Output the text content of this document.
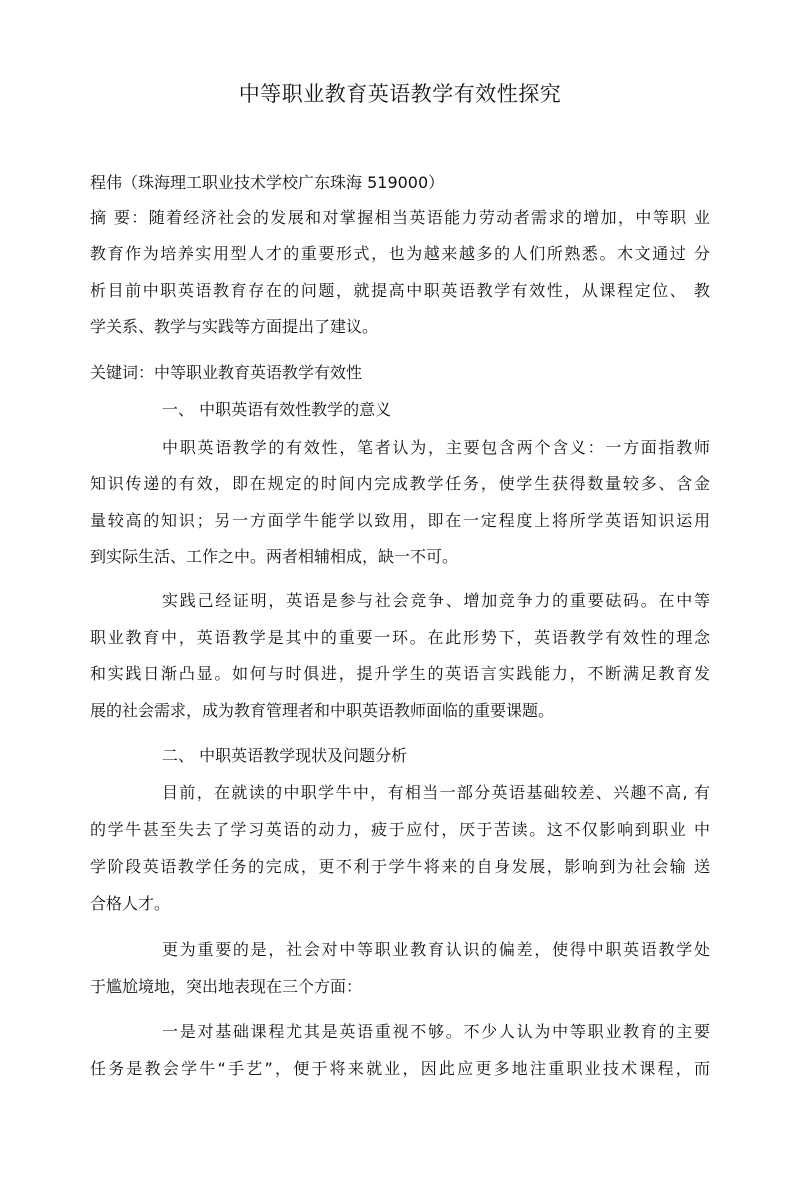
中等职业教育英语教学有效性探究
程伟（珠海理工职业技术学校广东珠海 519000）
摘 要：随着经济社会的发展和对掌握相当英语能力劳动者需求的增加，中等职 业
教育作为培养实用型人才的重要形式，也为越来越多的人们所熟悉。木文通过 分
析目前中职英语教育存在的问题，就提高中职英语教学有效性，从课程定位、 教
学关系、教学与实践等方面提出了建议。
关键词：中等职业教育英语教学有效性
一、 中职英语有效性教学的意义
中职英语教学的有效性，笔者认为，主要包含两个含义：一方面指教师
知识传递的有效，即在规定的时间内完成教学任务，使学生获得数量较多、含金
量较高的知识；另一方面学牛能学以致用，即在一定程度上将所学英语知识运用
到实际生活、工作之中。两者相辅相成，缺一不可。
实践己经证明，英语是参与社会竞争、增加竞争力的重要砝码。在中等
职业教育中，英语教学是其中的重要一环。在此形势下，英语教学有效性的理念
和实践日渐凸显。如何与时俱进，提升学生的英语言实践能力，不断满足教育发
展的社会需求，成为教育管理者和中职英语教师面临的重要课题。
二、 中职英语教学现状及问题分析
目前，在就读的中职学牛中，有相当一部分英语基础较差、兴趣不高, 有
的学牛甚至失去了学习英语的动力，疲于应付，厌于苦读。这不仅影响到职业 中
学阶段英语教学任务的完成，更不利于学牛将来的自身发展，影响到为社会输 送
合格人才。
更为重要的是，社会对中等职业教育认识的偏差，使得中职英语教学处
于尴尬境地，突出地表现在三个方面：
一是对基础课程尤其是英语重视不够。不少人认为中等职业教育的主要
任务是教会学牛“手艺”，便于将来就业，因此应更多地注重职业技术课程，而
